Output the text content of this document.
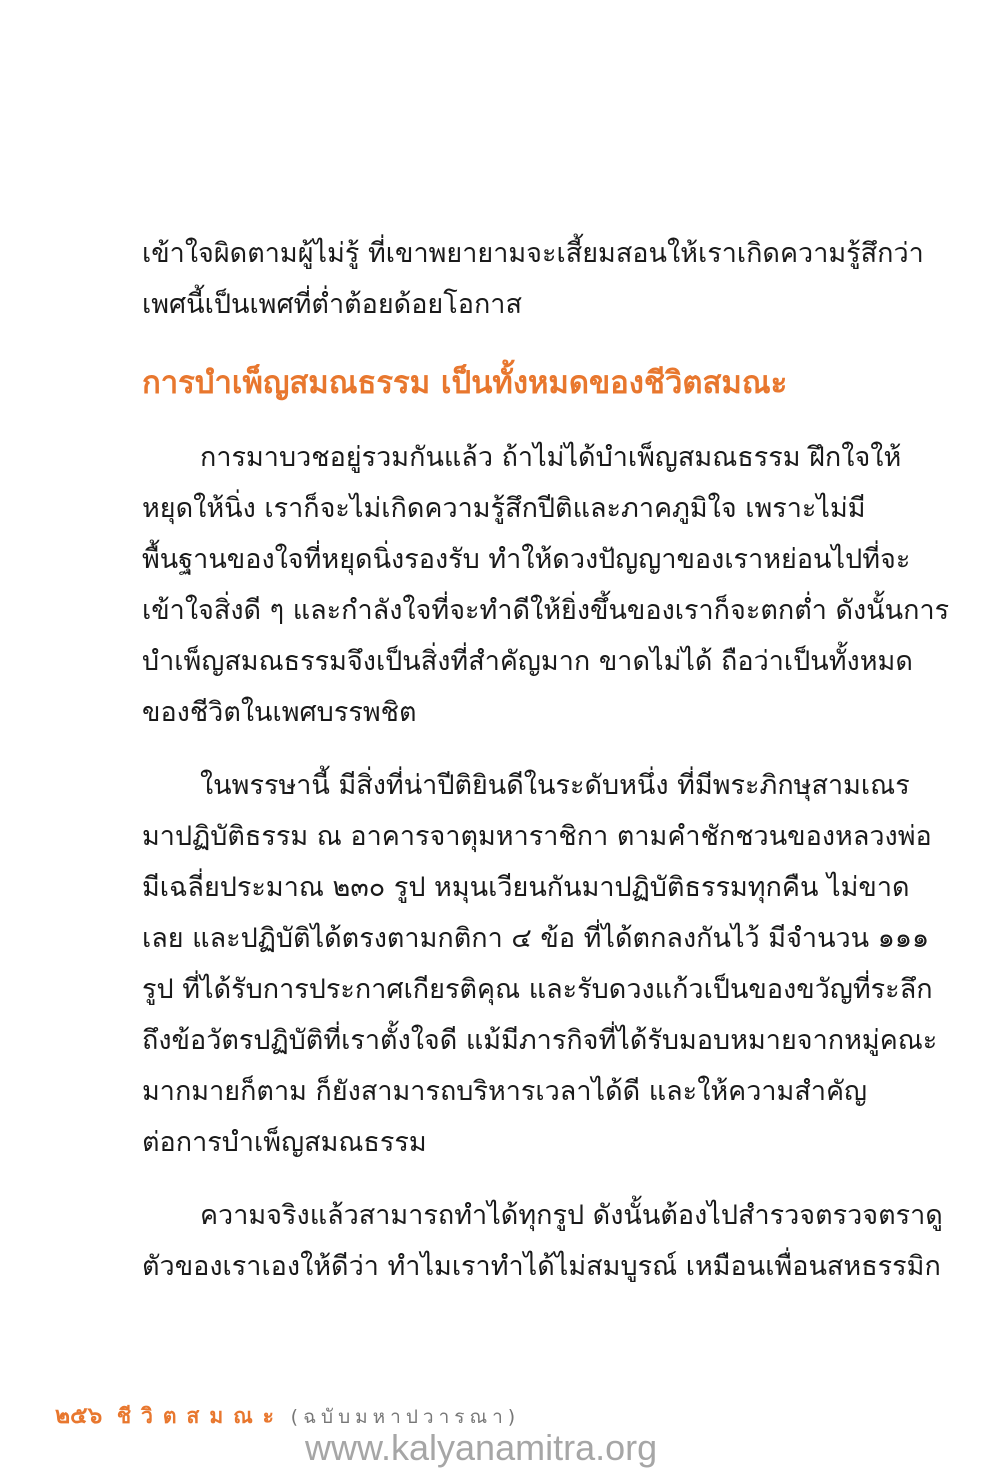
เข้าใจผิดตามผู้ไม่รู้ ที่เขาพยายามจะเสี้ยมสอนให้เราเกิดความรู้สึกว่า
เพศนี้เป็นเพศที่ต่ำต้อยด้อยโอกาส
การบำเพ็ญสมณธรรม เป็นทั้งหมดของชีวิตสมณะ
การมาบวชอยู่รวมกันแล้ว ถ้าไม่ได้บำเพ็ญสมณธรรม ฝึกใจให้
หยุดให้นิ่ง เราก็จะไม่เกิดความรู้สึกปีติและภาคภูมิใจ เพราะไม่มี
พื้นฐานของใจที่หยุดนิ่งรองรับ ทำให้ดวงปัญญาของเราหย่อนไปที่จะ
เข้าใจสิ่งดี ๆ และกำลังใจที่จะทำดีให้ยิ่งขึ้นของเราก็จะตกต่ำ ดังนั้นการ
บำเพ็ญสมณธรรมจึงเป็นสิ่งที่สำคัญมาก ขาดไม่ได้ ถือว่าเป็นทั้งหมด
ของชีวิตในเพศบรรพชิต
ในพรรษานี้ มีสิ่งที่น่าปีติยินดีในระดับหนึ่ง ที่มีพระภิกษุสามเณร
มาปฏิบัติธรรม ณ อาคารจาตุมหาราชิกา ตามคำชักชวนของหลวงพ่อ
มีเฉลี่ยประมาณ ๒๓๐ รูป หมุนเวียนกันมาปฏิบัติธรรมทุกคืน ไม่ขาด
เลย และปฏิบัติได้ตรงตามกติกา ๔ ข้อ ที่ได้ตกลงกันไว้ มีจำนวน ๑๑๑
รูป ที่ได้รับการประกาศเกียรติคุณ และรับดวงแก้วเป็นของขวัญที่ระลึก
ถึงข้อวัตรปฏิบัติที่เราตั้งใจดี แม้มีภารกิจที่ได้รับมอบหมายจากหมู่คณะ
มากมายก็ตาม ก็ยังสามารถบริหารเวลาได้ดี และให้ความสำคัญ
ต่อการบำเพ็ญสมณธรรม
ความจริงแล้วสามารถทำได้ทุกรูป ดังนั้นต้องไปสำรวจตรวจตราดู
ตัวของเราเองให้ดีว่า ทำไมเราทำได้ไม่สมบูรณ์ เหมือนเพื่อนสหธรรมิก
๒๕๖ ชีวิตสมณะ (ฉบับมหาปวารณา)
www.kalyanamitra.org
